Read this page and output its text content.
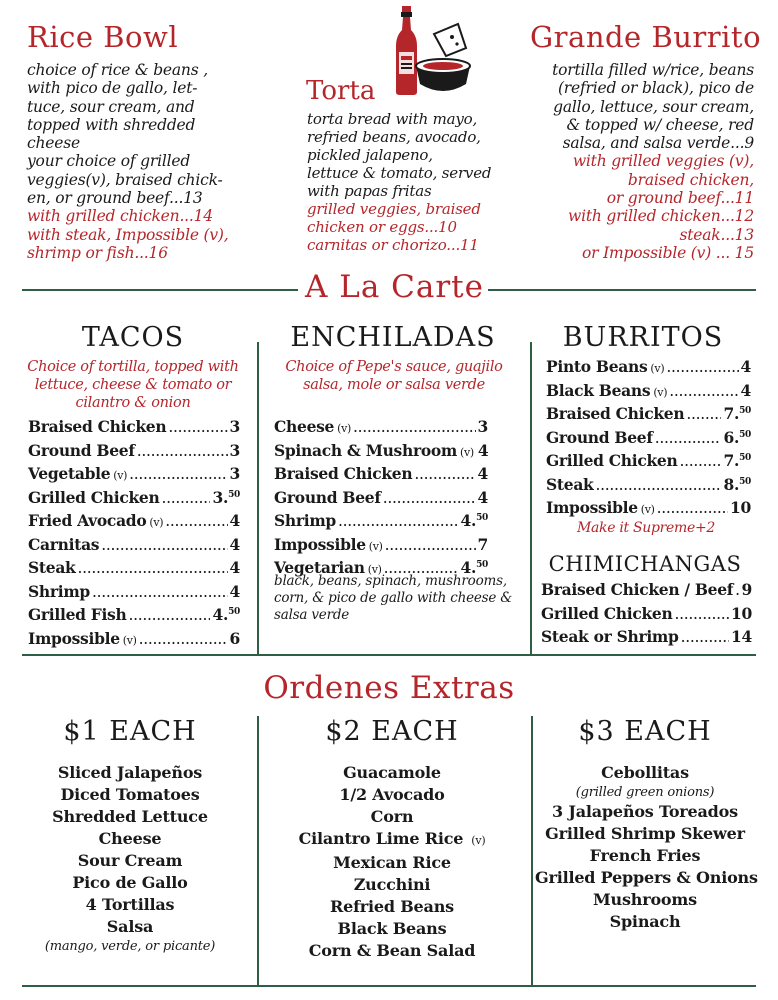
Rice Bowl
choice of rice & beans ,
with pico de gallo, let-
tuce, sour cream, and
topped with shredded
cheese
your choice of grilled
veggies(v), braised chick-
en, or ground beef...13
with grilled chicken...14
with steak, Impossible (v),
shrimp or fish...16
Torta
torta bread with mayo,
refried beans, avocado,
pickled jalapeno,
lettuce & tomato, served
with papas fritas
grilled veggies, braised
chicken or eggs...10
carnitas or chorizo...11
Grande Burrito
tortilla filled w/rice, beans
(refried or black), pico de
gallo, lettuce, sour cream,
& topped w/ cheese, red
salsa, and salsa verde...9
with grilled veggies (v),
braised chicken,
or ground beef...11
with grilled chicken...12
steak...13
or Impossible (v) ... 15
A La Carte
TACOS
Choice of tortilla, topped with
lettuce, cheese & tomato or
cilantro & onion
Braised Chicken .....	3
Ground Beef .....	3
Vegetable (v) .....	3
Grilled Chicken .....	3.50
Fried Avocado (v) .....	4
Carnitas .....	4
Steak .....	4
Shrimp .....	4
Grilled Fish .....	4.50
Impossible (v) .....	6
ENCHILADAS
Choice of Pepe's sauce, guajilo
salsa, mole or salsa verde
Cheese (v) .....	3
Spinach & Mushroom (v) 4
Braised Chicken .....	4
Ground Beef .....	4
Shrimp .....	4.50
Impossible (v) .....	7
Vegetarian (v) .....	4.50
black, beans, spinach, mushrooms,
corn, & pico de gallo with cheese &
salsa verde
BURRITOS
Pinto Beans (v) .....	4
Black Beans (v) .....	4
Braised Chicken .....	7.50
Ground Beef .....	6.50
Grilled Chicken .....	7.50
Steak .....	8.50
Impossible (v) .....	10
Make it Supreme+2
CHIMICHANGAS
Braised Chicken / Beef ..... 9
Grilled Chicken .....	10
Steak or Shrimp .....	14
Ordenes Extras
$1 EACH
Sliced Jalapeños
Diced Tomatoes
Shredded Lettuce
Cheese
Sour Cream
Pico de Gallo
4 Tortillas
Salsa
(mango, verde, or picante)
$2 EACH
Guacamole
1/2 Avocado
Corn
Cilantro Lime Rice (v)
Mexican Rice
Zucchini
Refried Beans
Black Beans
Corn & Bean Salad
$3 EACH
Cebollitas
(grilled green onions)
3 Jalapeños Toreados
Grilled Shrimp Skewer
French Fries
Grilled Peppers & Onions
Mushrooms
Spinach
